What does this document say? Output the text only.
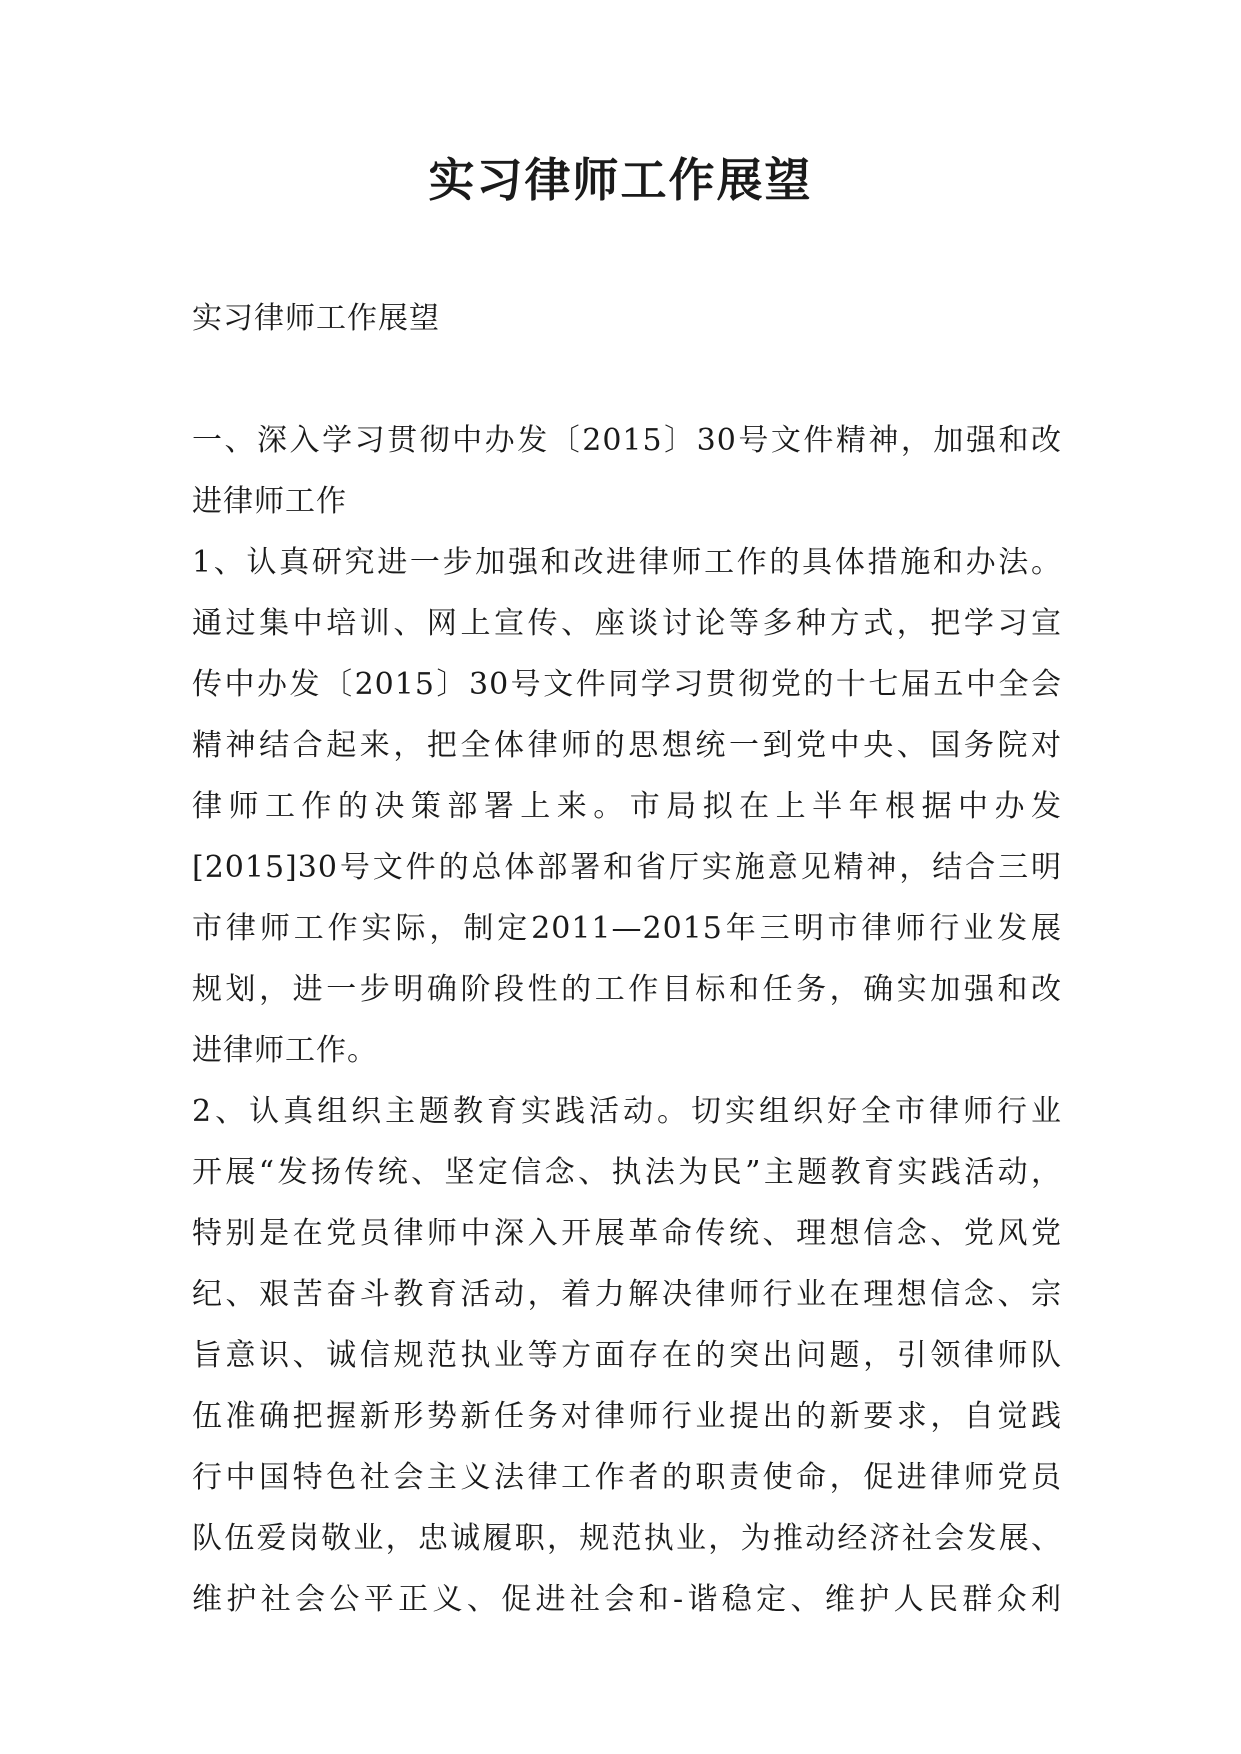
实习律师工作展望
实习律师工作展望
一、深入学习贯彻中办发〔2015〕30号文件精神，加强和改
进律师工作
1、认真研究进一步加强和改进律师工作的具体措施和办法。
通过集中培训、网上宣传、座谈讨论等多种方式，把学习宣
传中办发〔2015〕30号文件同学习贯彻党的十七届五中全会
精神结合起来，把全体律师的思想统一到党中央、国务院对
律师工作的决策部署上来。市局拟在上半年根据中办发
[2015]30号文件的总体部署和省厅实施意见精神，结合三明
市律师工作实际，制定2011—2015年三明市律师行业发展
规划，进一步明确阶段性的工作目标和任务，确实加强和改
进律师工作。
2、认真组织主题教育实践活动。切实组织好全市律师行业
开展“发扬传统、坚定信念、执法为民”主题教育实践活动，
特别是在党员律师中深入开展革命传统、理想信念、党风党
纪、艰苦奋斗教育活动，着力解决律师行业在理想信念、宗
旨意识、诚信规范执业等方面存在的突出问题，引领律师队
伍准确把握新形势新任务对律师行业提出的新要求，自觉践
行中国特色社会主义法律工作者的职责使命，促进律师党员
队伍爱岗敬业，忠诚履职，规范执业，为推动经济社会发展、
维护社会公平正义、促进社会和-谐稳定、维护人民群众利
